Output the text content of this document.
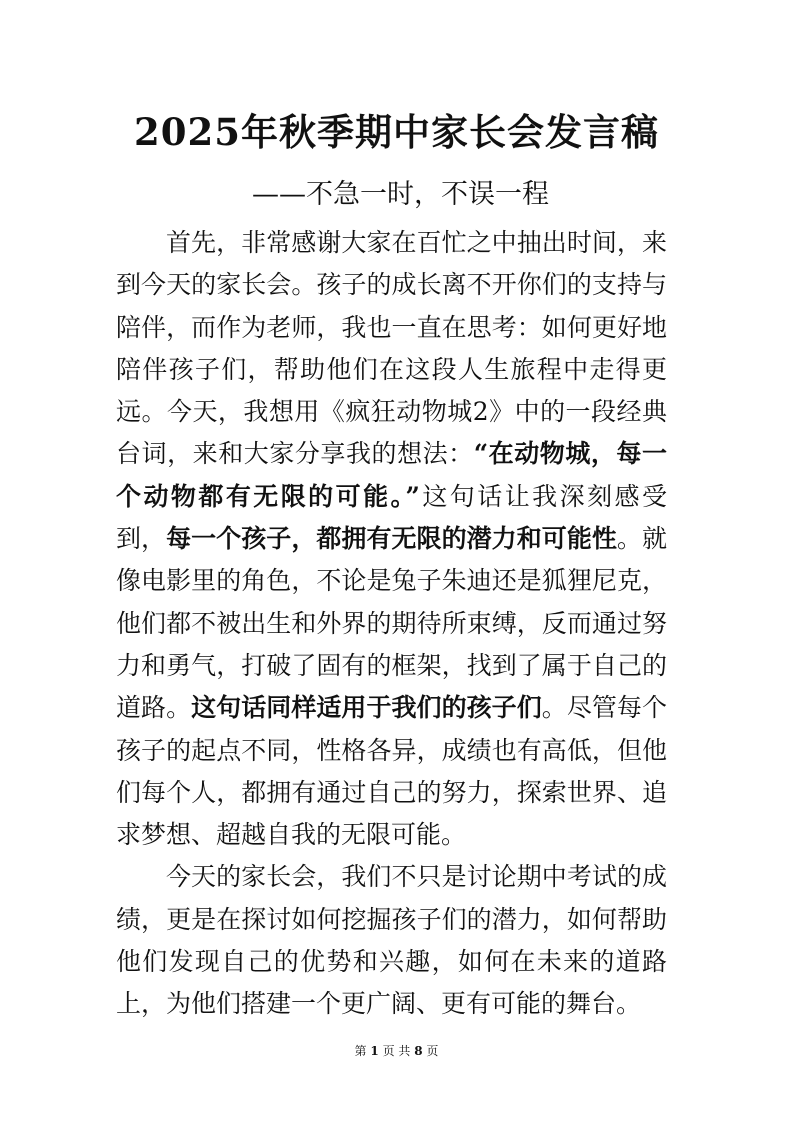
2025年秋季期中家长会发言稿
——不急一时，不误一程

首先，非常感谢大家在百忙之中抽出时间，来到今天的家长会。孩子的成长离不开你们的支持与陪伴，而作为老师，我也一直在思考：如何更好地陪伴孩子们，帮助他们在这段人生旅程中走得更远。今天，我想用《疯狂动物城2》中的一段经典台词，来和大家分享我的想法：“在动物城，每一个动物都有无限的可能。”这句话让我深刻感受到，每一个孩子，都拥有无限的潜力和可能性。就像电影里的角色，不论是兔子朱迪还是狐狸尼克，他们都不被出生和外界的期待所束缚，反而通过努力和勇气，打破了固有的框架，找到了属于自己的道路。这句话同样适用于我们的孩子们。尽管每个孩子的起点不同，性格各异，成绩也有高低，但他们每个人，都拥有通过自己的努力，探索世界、追求梦想、超越自我的无限可能。

今天的家长会，我们不只是讨论期中考试的成绩，更是在探讨如何挖掘孩子们的潜力，如何帮助他们发现自己的优势和兴趣，如何在未来的道路上，为他们搭建一个更广阔、更有可能的舞台。

第 1 页 共 8 页
